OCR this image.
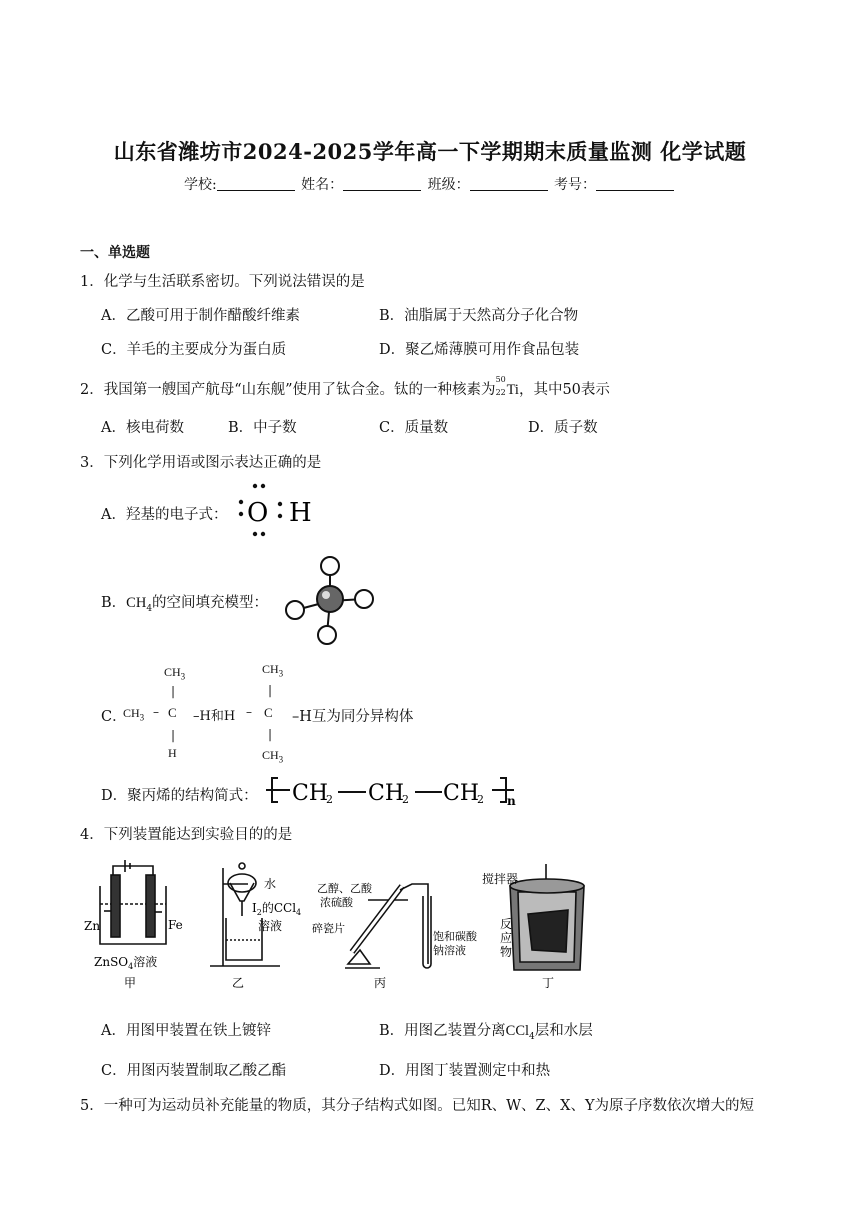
山东省潍坊市2024-2025学年高一下学期期末质量监测 化学试题
学校:	姓名：	班级：	考号：
一、单选题
1．化学与生活联系密切。下列说法错误的是
A．乙酸可用于制作醋酸纤维素	B．油脂属于天然高分子化合物
C．羊毛的主要成分为蛋白质	D．聚乙烯薄膜可用作食品包装
2．我国第一艘国产航母“山东舰”使用了钛合金。钛的一种核素为
50
22 Ti，其中50表示
A．核电荷数	B．中子数	C．质量数	D．质子数
3．下列化学用语或图示表达正确的是
A．羟基的电子式： O H
B．$CH_4$的空间填充模型：
C．
$CH_3$
|
$CH_3$ – C –H和H
|
H
–
$CH_3$
|
C –H互为同分异构体
|
$CH_3$
D．聚丙烯的结构简式： CH
2 CH
2 CH
2 n
4．下列装置能达到实验目的的是
Zn	Fe
ZnSO$_4$溶液
甲
水
$I_2$的CCl$_4$
溶液
乙
乙醇、乙酸
浓硫酸
碎瓷片
饱和碳酸
钠溶液
丙
搅拌器
反
应
物
丁
A．用图甲装置在铁上镀锌	B．用图乙装置分离CCl$_4$层和水层
C．用图丙装置制取乙酸乙酯	D．用图丁装置测定中和热
5．一种可为运动员补充能量的物质，其分子结构式如图。已知R、W、Z、X、Y为原子序数依次增大的短
